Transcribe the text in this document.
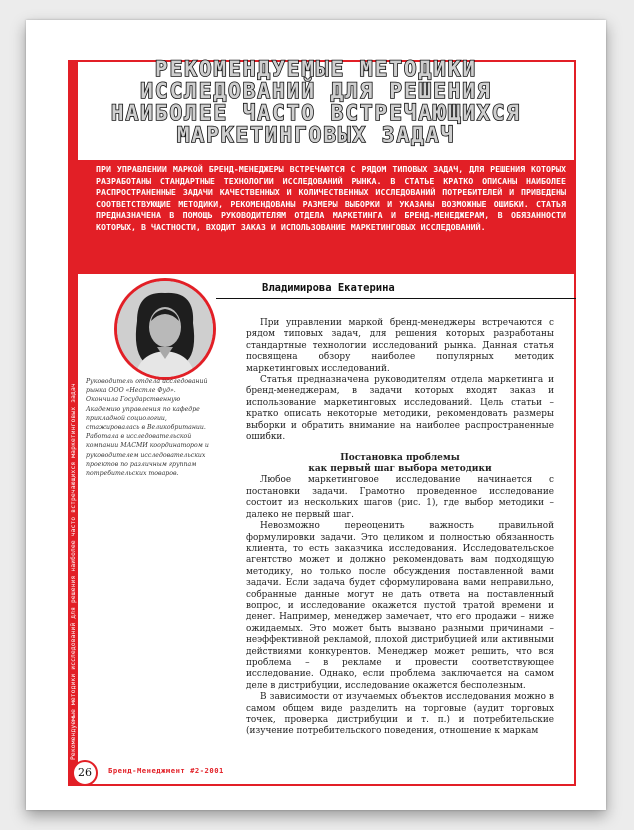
РЕКОМЕНДУЕМЫЕ МЕТОДИКИ ИССЛЕДОВАНИЙ ДЛЯ РЕШЕНИЯ НАИБОЛЕЕ ЧАСТО ВСТРЕЧАЮЩИХСЯ МАРКЕТИНГОВЫХ ЗАДАЧ

ПРИ УПРАВЛЕНИИ МАРКОЙ БРЕНД-МЕНЕДЖЕРЫ ВСТРЕЧАЮТСЯ С РЯДОМ ТИПОВЫХ ЗАДАЧ, ДЛЯ РЕШЕНИЯ КОТОРЫХ РАЗРАБОТАНЫ СТАНДАРТНЫЕ ТЕХНОЛОГИИ ИССЛЕДОВАНИЙ РЫНКА. В СТАТЬЕ КРАТКО ОПИСАНЫ НАИБОЛЕЕ РАСПРОСТРАНЕННЫЕ ЗАДАЧИ КАЧЕСТВЕННЫХ И КОЛИЧЕСТВЕННЫХ ИССЛЕДОВАНИЙ ПОТРЕБИТЕЛЕЙ И ПРИВЕДЕНЫ СООТВЕТСТВУЮЩИЕ МЕТОДИКИ, РЕКОМЕНДОВАНЫ РАЗМЕРЫ ВЫБОРКИ И УКАЗАНЫ ВОЗМОЖНЫЕ ОШИБКИ. СТАТЬЯ ПРЕДНАЗНАЧЕНА В ПОМОЩЬ РУКОВОДИТЕЛЯМ ОТДЕЛА МАРКЕТИНГА И БРЕНД-МЕНЕДЖЕРАМ, В ОБЯЗАННОСТИ КОТОРЫХ, В ЧАСТНОСТИ, ВХОДИТ ЗАКАЗ И ИСПОЛЬЗОВАНИЕ МАРКЕТИНГОВЫХ ИССЛЕДОВАНИЙ.

Владимирова Екатерина

Руководитель отдела исследований рынка ООО «Нестле Фуд».

Окончила Государственную Академию управления по кафедре прикладной социологии, стажировалась в Великобритании.

Работала в исследовательской компании МАСМИ координатором и руководителем исследовательских проектов по различным группам потребительских товаров.

Рекомендуемые методики исследований для решения наиболее часто встречающихся маркетинговых задач

При управлении маркой бренд-менеджеры встречаются с рядом типовых задач, для решения которых разработаны стандартные технологии исследований рынка. Данная статья посвящена обзору наиболее популярных методик маркетинговых исследований.

Статья предназначена руководителям отдела маркетинга и бренд-менеджерам, в задачи которых входят заказ и использование маркетинговых исследований. Цель статьи – кратко описать некоторые методики, рекомендовать размеры выборки и обратить внимание на наиболее распространенные ошибки.

Постановка проблемы
как первый шаг выбора методики

Любое маркетинговое исследование начинается с постановки задачи. Грамотно проведенное исследование состоит из нескольких шагов (рис. 1), где выбор методики – далеко не первый шаг.

Невозможно переоценить важность правильной формулировки задачи. Это целиком и полностью обязанность клиента, то есть заказчика исследования. Исследовательское агентство может и должно рекомендовать вам подходящую методику, но только после обсуждения поставленной вами задачи. Если задача будет сформулирована вами неправильно, собранные данные могут не дать ответа на поставленный вопрос, и исследование окажется пустой тратой времени и денег. Например, менеджер замечает, что его продажи – ниже ожидаемых. Это может быть вызвано разными причинами – неэффективной рекламой, плохой дистрибуцией или активными действиями конкурентов. Менеджер может решить, что вся проблема – в рекламе и провести соответствующее исследование. Однако, если проблема заключается на самом деле в дистрибуции, исследование окажется бесполезным.

В зависимости от изучаемых объектов исследования можно в самом общем виде разделить на торговые (аудит торговых точек, проверка дистрибуции и т. п.) и потребительские (изучение потребительского поведения, отношение к маркам

26	Бренд-Менеджмент #2-2001
